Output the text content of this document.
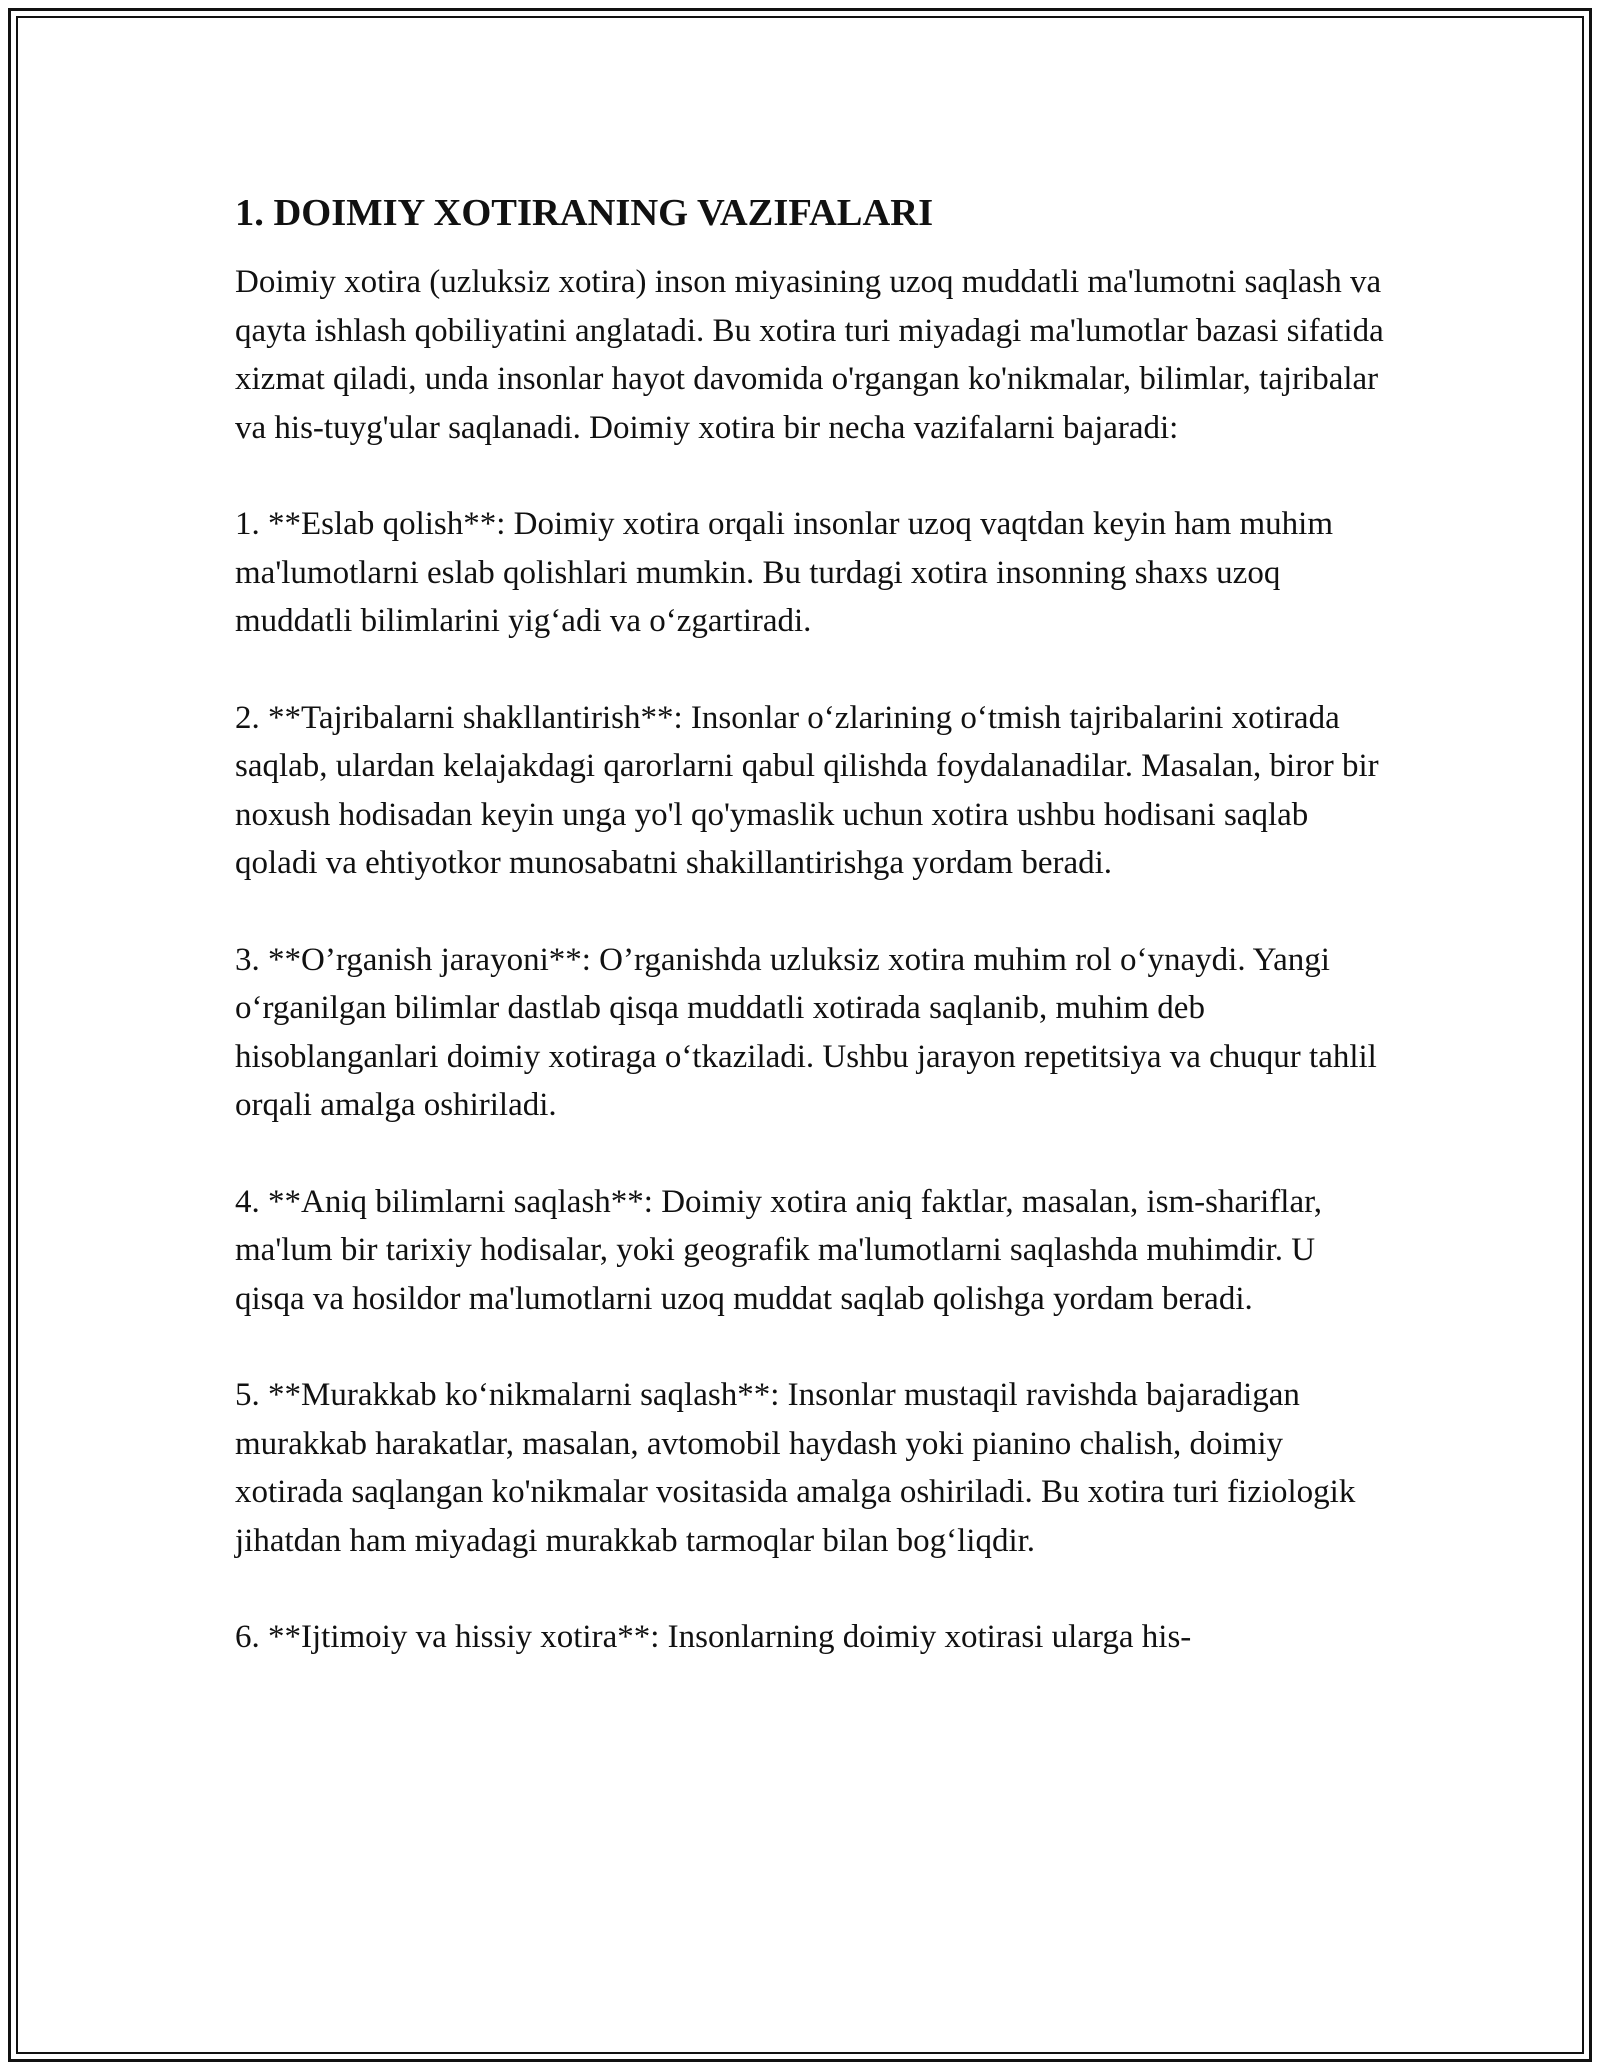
1. DOIMIY XOTIRANING VAZIFALARI

Doimiy xotira (uzluksiz xotira) inson miyasining uzoq muddatli ma'lumotni saqlash va qayta ishlash qobiliyatini anglatadi. Bu xotira turi miyadagi ma'lumotlar bazasi sifatida xizmat qiladi, unda insonlar hayot davomida o'rgangan ko'nikmalar, bilimlar, tajribalar va his-tuyg'ular saqlanadi. Doimiy xotira bir necha vazifalarni bajaradi:

1. **Eslab qolish**: Doimiy xotira orqali insonlar uzoq vaqtdan keyin ham muhim ma'lumotlarni eslab qolishlari mumkin. Bu turdagi xotira insonning shaxs uzoq muddatli bilimlarini yig‘adi va o‘zgartiradi.

2. **Tajribalarni shakllantirish**: Insonlar o‘zlarining o‘tmish tajribalarini xotirada saqlab, ulardan kelajakdagi qarorlarni qabul qilishda foydalanadilar. Masalan, biror bir noxush hodisadan keyin unga yo'l qo'ymaslik uchun xotira ushbu hodisani saqlab qoladi va ehtiyotkor munosabatni shakillantirishga yordam beradi.

3. **O’rganish jarayoni**: O’rganishda uzluksiz xotira muhim rol o‘ynaydi. Yangi o‘rganilgan bilimlar dastlab qisqa muddatli xotirada saqlanib, muhim deb hisoblanganlari doimiy xotiraga o‘tkaziladi. Ushbu jarayon repetitsiya va chuqur tahlil orqali amalga oshiriladi.

4. **Aniq bilimlarni saqlash**: Doimiy xotira aniq faktlar, masalan, ism-shariflar, ma'lum bir tarixiy hodisalar, yoki geografik ma'lumotlarni saqlashda muhimdir. U qisqa va hosildor ma'lumotlarni uzoq muddat saqlab qolishga yordam beradi.

5. **Murakkab ko‘nikmalarni saqlash**: Insonlar mustaqil ravishda bajaradigan murakkab harakatlar, masalan, avtomobil haydash yoki pianino chalish, doimiy xotirada saqlangan ko'nikmalar vositasida amalga oshiriladi. Bu xotira turi fiziologik jihatdan ham miyadagi murakkab tarmoqlar bilan bog‘liqdir.

6. **Ijtimoiy va hissiy xotira**: Insonlarning doimiy xotirasi ularga his-
